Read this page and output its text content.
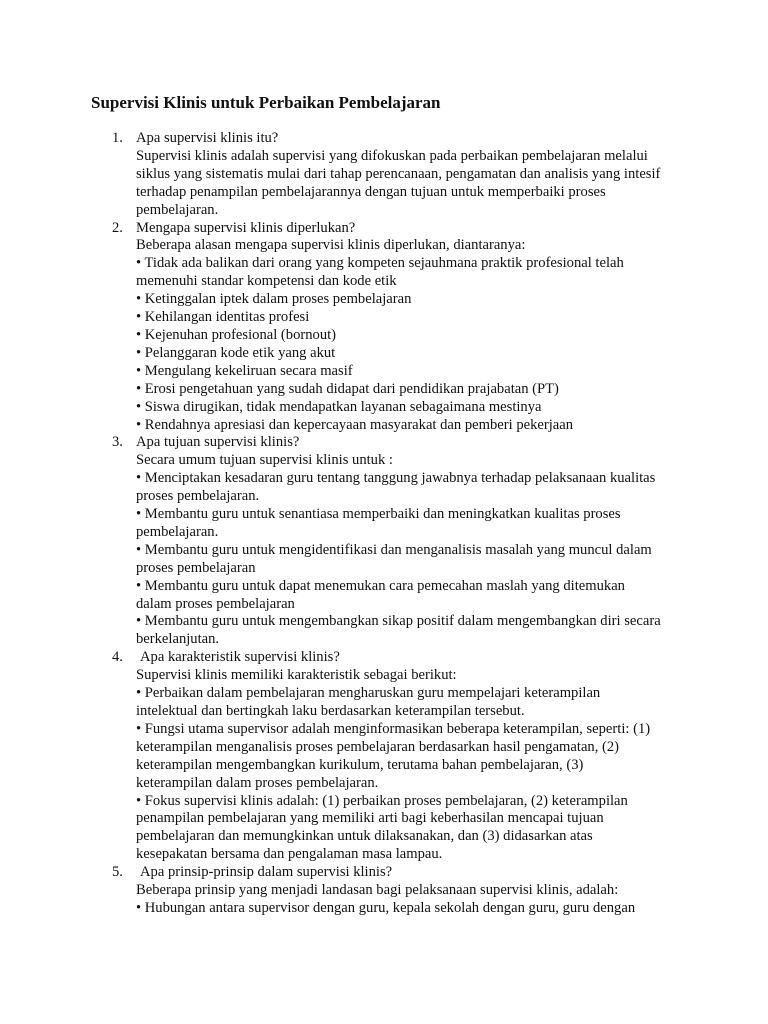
Supervisi Klinis untuk Perbaikan Pembelajaran
1. Apa supervisi klinis itu?
Supervisi klinis adalah supervisi yang difokuskan pada perbaikan pembelajaran melalui
siklus yang sistematis mulai dari tahap perencanaan, pengamatan dan analisis yang intesif
terhadap penampilan pembelajarannya dengan tujuan untuk memperbaiki proses
pembelajaran.
2. Mengapa supervisi klinis diperlukan?
Beberapa alasan mengapa supervisi klinis diperlukan, diantaranya:
• Tidak ada balikan dari orang yang kompeten sejauhmana praktik profesional telah
memenuhi standar kompetensi dan kode etik
• Ketinggalan iptek dalam proses pembelajaran
• Kehilangan identitas profesi
• Kejenuhan profesional (bornout)
• Pelanggaran kode etik yang akut
• Mengulang kekeliruan secara masif
• Erosi pengetahuan yang sudah didapat dari pendidikan prajabatan (PT)
• Siswa dirugikan, tidak mendapatkan layanan sebagaimana mestinya
• Rendahnya apresiasi dan kepercayaan masyarakat dan pemberi pekerjaan
3. Apa tujuan supervisi klinis?
Secara umum tujuan supervisi klinis untuk :
• Menciptakan kesadaran guru tentang tanggung jawabnya terhadap pelaksanaan kualitas
proses pembelajaran.
• Membantu guru untuk senantiasa memperbaiki dan meningkatkan kualitas proses
pembelajaran.
• Membantu guru untuk mengidentifikasi dan menganalisis masalah yang muncul dalam
proses pembelajaran
• Membantu guru untuk dapat menemukan cara pemecahan maslah yang ditemukan
dalam proses pembelajaran
• Membantu guru untuk mengembangkan sikap positif dalam mengembangkan diri secara
berkelanjutan.
4. Apa karakteristik supervisi klinis?
Supervisi klinis memiliki karakteristik sebagai berikut:
• Perbaikan dalam pembelajaran mengharuskan guru mempelajari keterampilan
intelektual dan bertingkah laku berdasarkan keterampilan tersebut.
• Fungsi utama supervisor adalah menginformasikan beberapa keterampilan, seperti: (1)
keterampilan menganalisis proses pembelajaran berdasarkan hasil pengamatan, (2)
keterampilan mengembangkan kurikulum, terutama bahan pembelajaran, (3)
keterampilan dalam proses pembelajaran.
• Fokus supervisi klinis adalah: (1) perbaikan proses pembelajaran, (2) keterampilan
penampilan pembelajaran yang memiliki arti bagi keberhasilan mencapai tujuan
pembelajaran dan memungkinkan untuk dilaksanakan, dan (3) didasarkan atas
kesepakatan bersama dan pengalaman masa lampau.
5. Apa prinsip-prinsip dalam supervisi klinis?
Beberapa prinsip yang menjadi landasan bagi pelaksanaan supervisi klinis, adalah:
• Hubungan antara supervisor dengan guru, kepala sekolah dengan guru, guru dengan
